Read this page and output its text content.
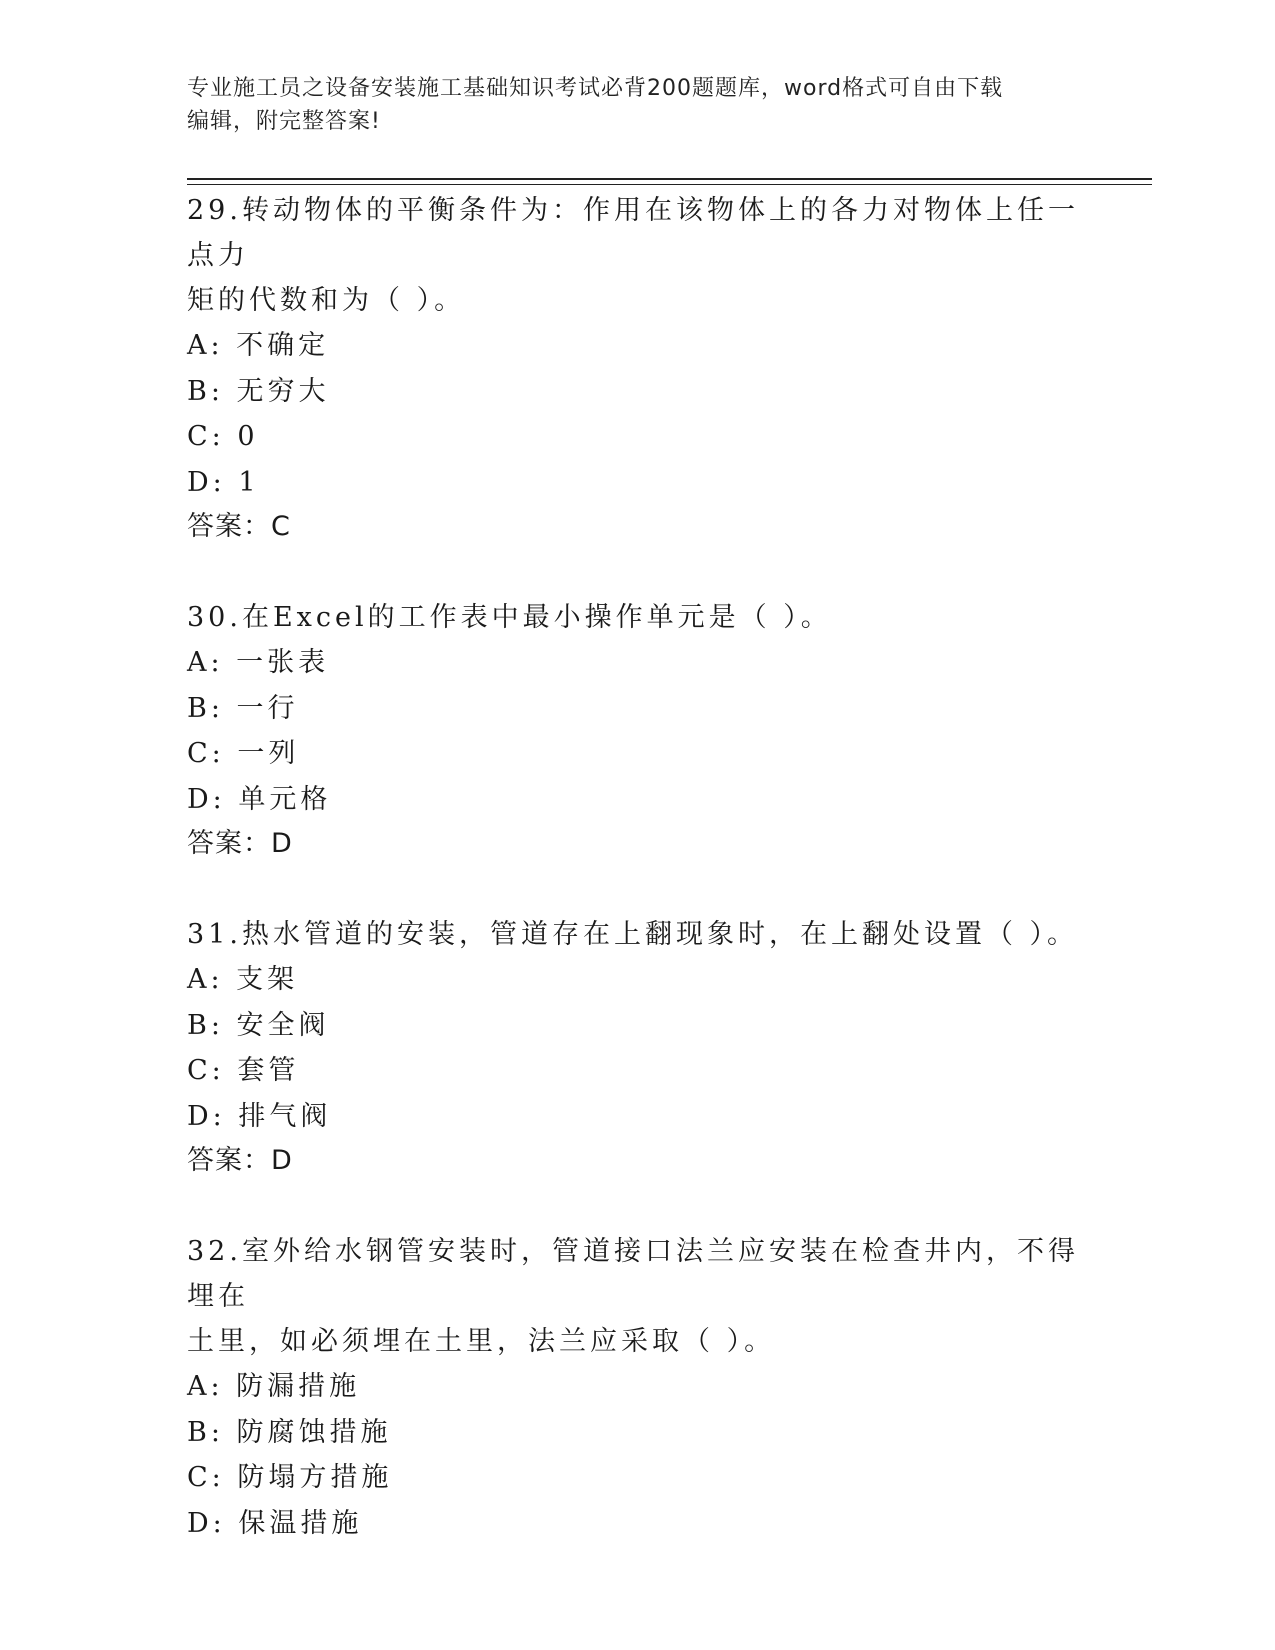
专业施工员之设备安装施工基础知识考试必背200题题库，word格式可自由下载
编辑，附完整答案!

29.转动物体的平衡条件为：作用在该物体上的各力对物体上任一点力

矩的代数和为（ ）。

A: 不确定

B: 无穷大

C: 0

D: 1

答案：C

30.在Excel的工作表中最小操作单元是（ ）。

A: 一张表

B: 一行

C: 一列

D: 单元格

答案：D

31.热水管道的安装，管道存在上翻现象时，在上翻处设置（ ）。

A: 支架

B: 安全阀

C: 套管

D: 排气阀

答案：D

32.室外给水钢管安装时，管道接口法兰应安装在检查井内，不得埋在

土里，如必须埋在土里，法兰应采取（ ）。

A: 防漏措施

B: 防腐蚀措施

C: 防塌方措施

D: 保温措施
